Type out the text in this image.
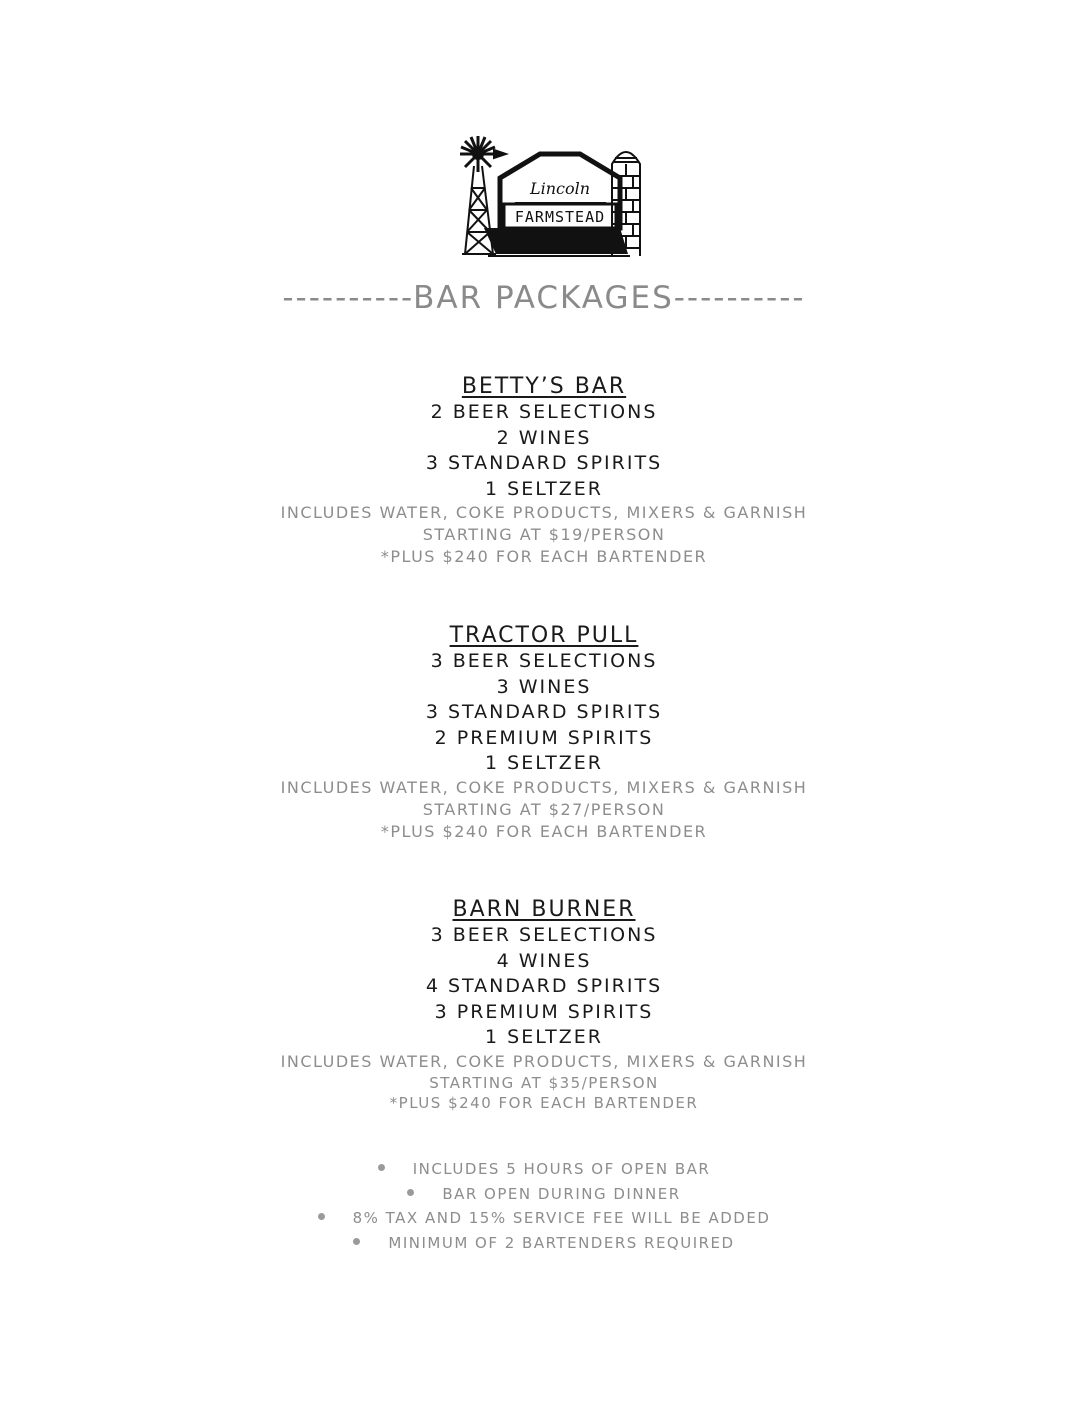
FARMSTEAD
Lincoln
----------BAR PACKAGES----------
BETTY’S BAR
2 BEER SELECTIONS
2 WINES
3 STANDARD SPIRITS
1 SELTZER
INCLUDES WATER, COKE PRODUCTS, MIXERS & GARNISH
STARTING AT $19/PERSON
*PLUS $240 FOR EACH BARTENDER
TRACTOR PULL
3 BEER SELECTIONS
3 WINES
3 STANDARD SPIRITS
2 PREMIUM SPIRITS
1 SELTZER
INCLUDES WATER, COKE PRODUCTS, MIXERS & GARNISH
STARTING AT $27/PERSON
*PLUS $240 FOR EACH BARTENDER
BARN BURNER
3 BEER SELECTIONS
4 WINES
4 STANDARD SPIRITS
3 PREMIUM SPIRITS
1 SELTZER
INCLUDES WATER, COKE PRODUCTS, MIXERS & GARNISH
STARTING AT $35/PERSON
*PLUS $240 FOR EACH BARTENDER
INCLUDES 5 HOURS OF OPEN BAR
BAR OPEN DURING DINNER
8% TAX AND 15% SERVICE FEE WILL BE ADDED
MINIMUM OF 2 BARTENDERS REQUIRED
